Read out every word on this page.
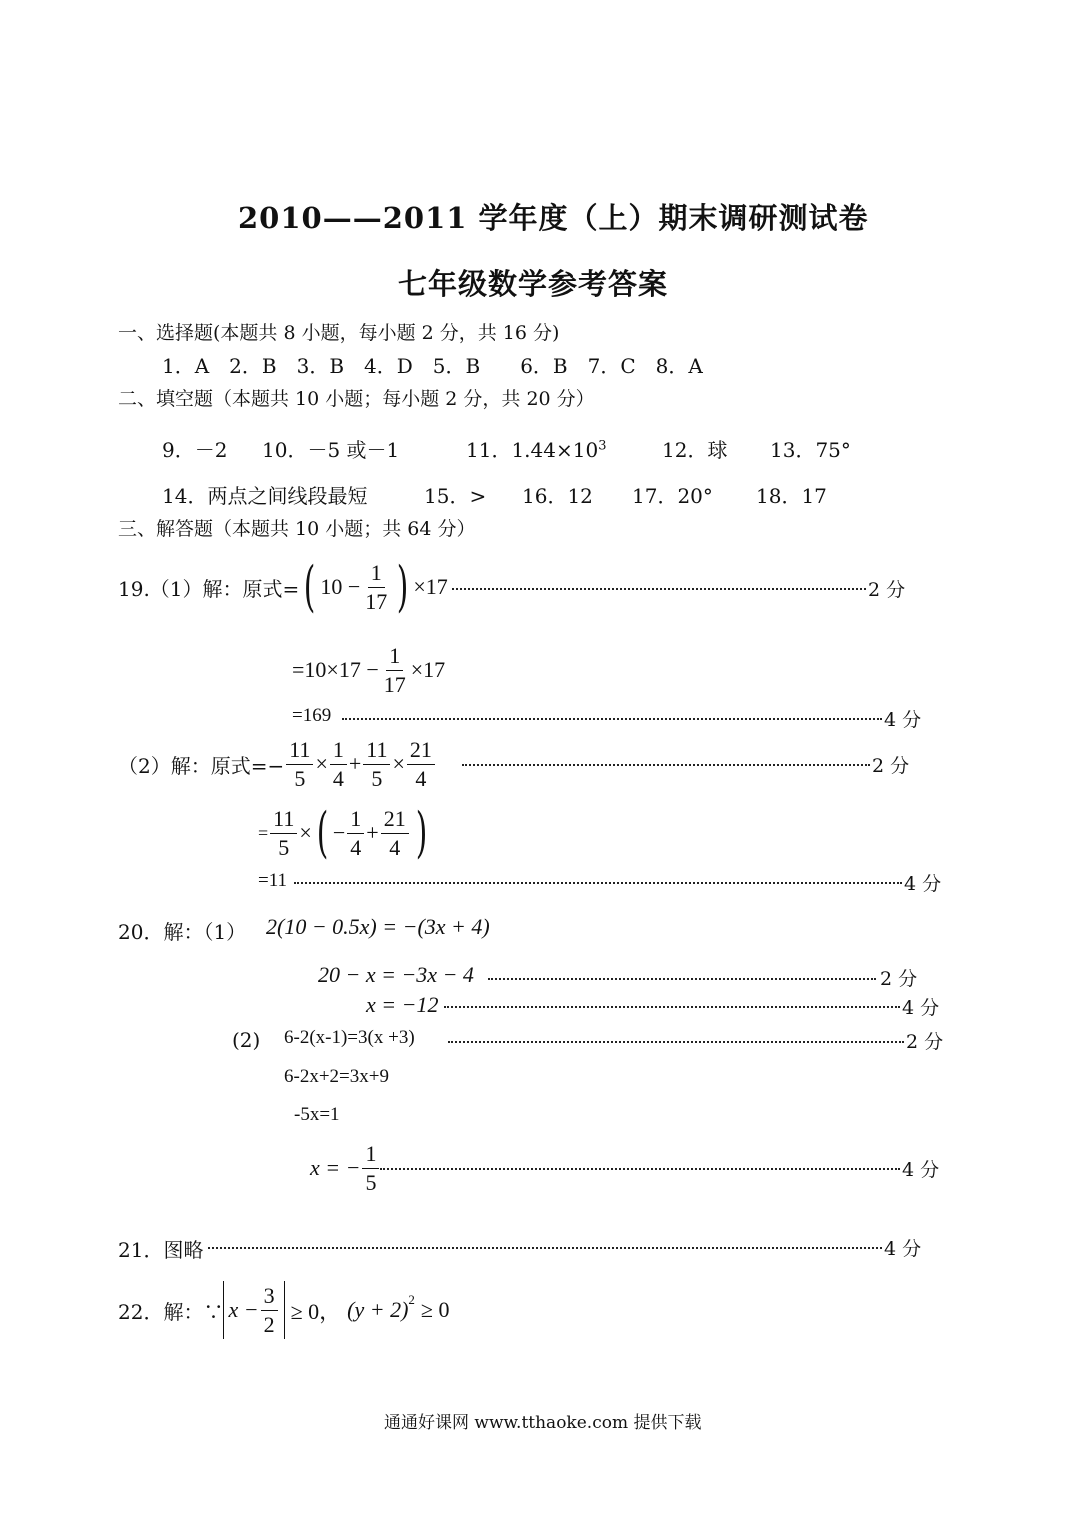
2010——2011 学年度（上）期末调研测试卷
七年级数学参考答案
一、选择题(本题共 8 小题，每小题 2 分，共 16 分)
1．A　2．B　3．B　4．D　5．B　　6．B　7．C　8．A
二、填空题（本题共 10 小题；每小题 2 分，共 20 分）
9．－2 10．－5 或－1	11．$1.44\times 10^3$	12．球 13．75°
14．两点之间线段最短	15．> 16．12 17．20° 18．17
三、解答题（本题共 10 小题；共 64 分）
19.（1）解：原式= ( $10 - \frac{1}{17}$ ) ×17	2 分
$=10\times 17 - \frac{1}{17} \times 17$
=169	4 分
（2）解：原式=− $\frac{11}{5} \times \frac{1}{4} + \frac{11}{5} \times \frac{21}{4}$	2 分
= $\frac{11}{5}$ × ( − $\frac{1}{4} + \frac{21}{4}$ )
=11	4 分
20．解：（1） 2(10 − 0.5x) = −(3x + 4)
20 − x = −3x − 4	2 分
x = −12	4 分
(2) 6-2(x-1)=3(x +3)	2 分
6-2x+2=3x+9
-5x=1
x = − $\frac{1}{5}$	4 分
21．图略	4 分
22．解：∵ $x - \frac{3}{2} \ge 0$， $(y + 2)^2 \ge 0$
通通好课网 www.tthaoke.com 提供下载
